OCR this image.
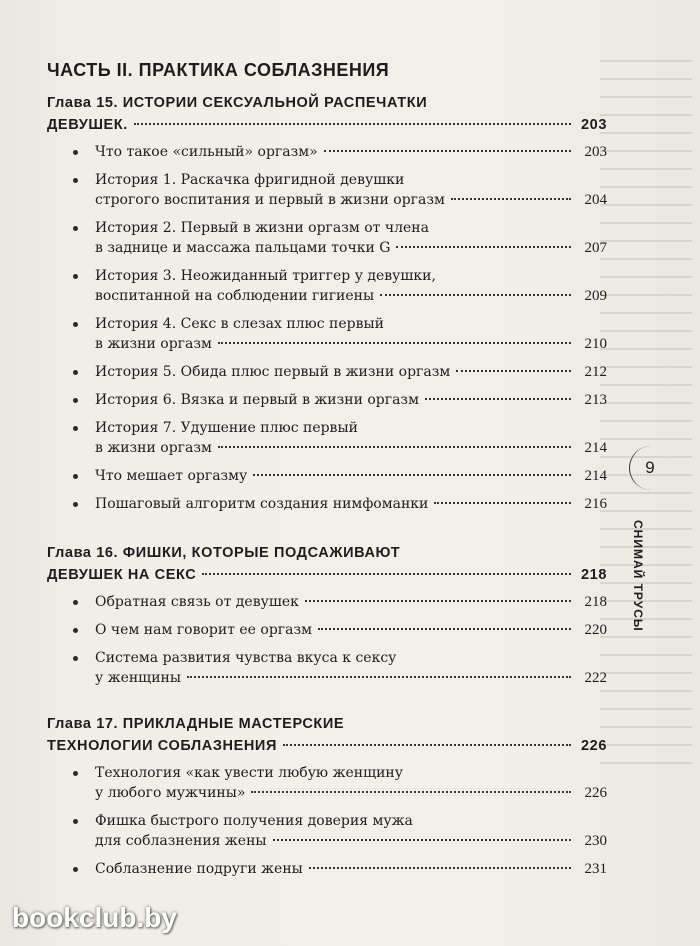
ЧАСТЬ II. ПРАКТИКА СОБЛАЗНЕНИЯ
Глава 15. ИСТОРИИ СЕКСУАЛЬНОЙ РАСПЕЧАТКИ
ДЕВУШЕК.	203
Что такое «сильный» оргазм»	203
История 1. Раскачка фригидной девушки
строгого воспитания и первый в жизни оргазм	204
История 2. Первый в жизни оргазм от члена
в заднице и массажа пальцами точки G	207
История 3. Неожиданный триггер у девушки,
воспитанной на соблюдении гигиены	209
История 4. Секс в слезах плюс первый
в жизни оргазм	210
История 5. Обида плюс первый в жизни оргазм	212
История 6. Вязка и первый в жизни оргазм	213
История 7. Удушение плюс первый
в жизни оргазм	214
Что мешает оргазму	214
Пошаговый алгоритм создания нимфоманки	216
Глава 16. ФИШКИ, КОТОРЫЕ ПОДСАЖИВАЮТ
ДЕВУШЕК НА СЕКС	218
Обратная связь от девушек	218
О чем нам говорит ее оргазм	220
Система развития чувства вкуса к сексу
у женщины	222
Глава 17. ПРИКЛАДНЫЕ МАСТЕРСКИЕ
ТЕХНОЛОГИИ СОБЛАЗНЕНИЯ	226
Технология «как увести любую женщину
у любого мужчины»	226
Фишка быстрого получения доверия мужа
для соблазнения жены	230
Соблазнение подруги жены	231
9
СНИМАЙ ТРУСЫ
bookclub.by
